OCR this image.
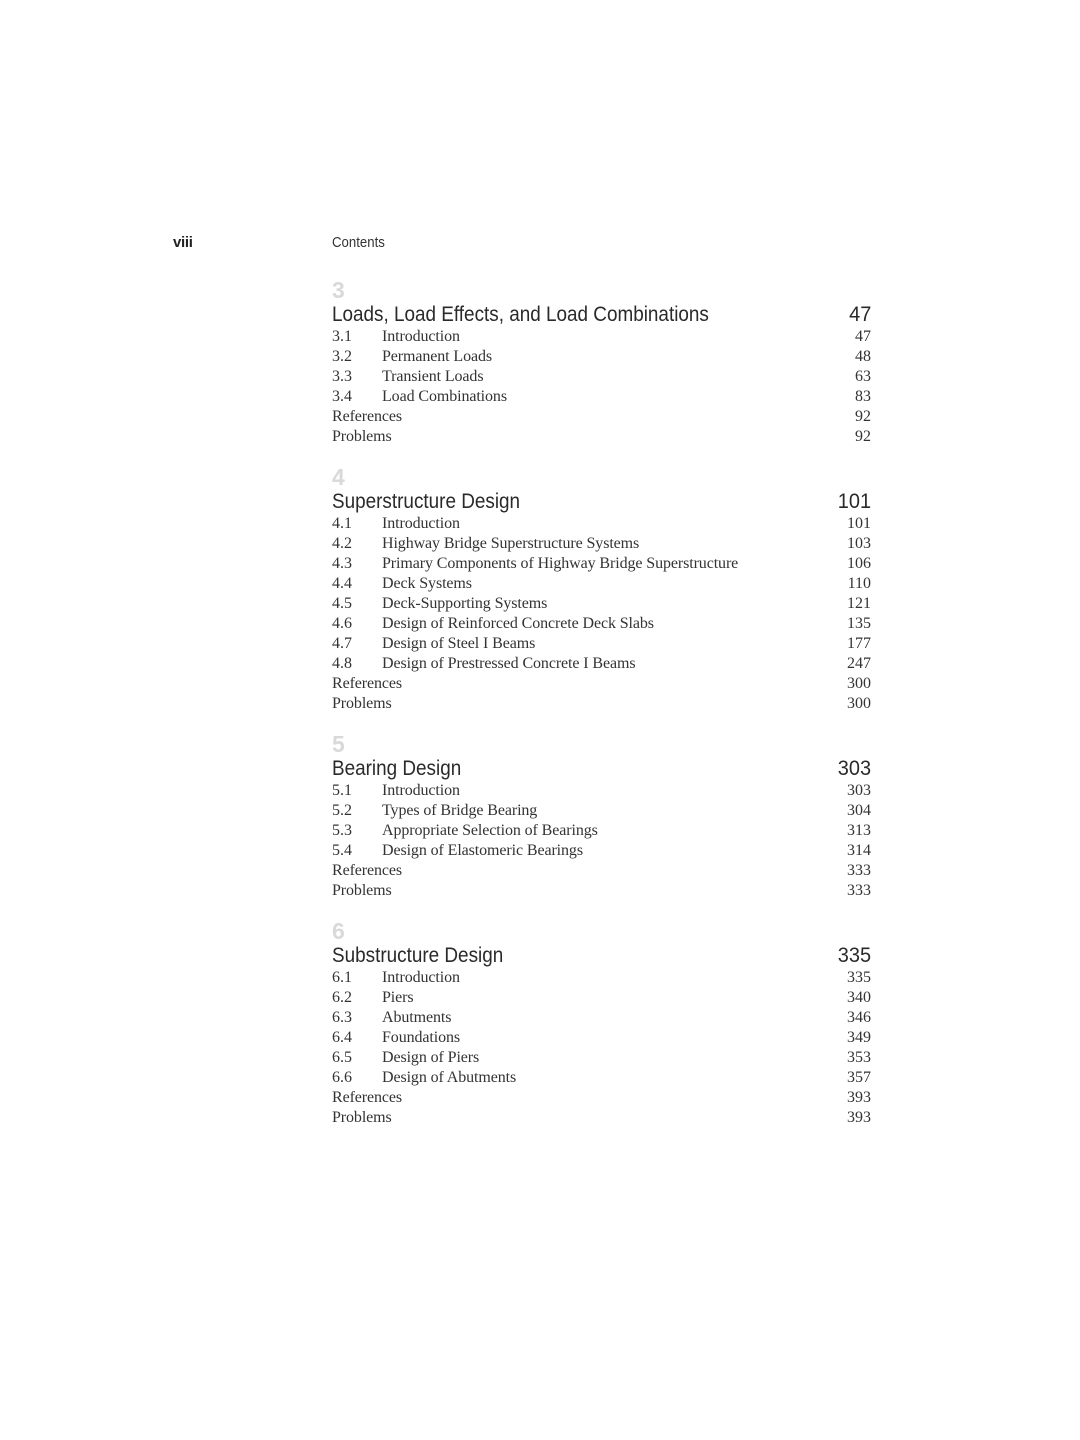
viii	Contents
3
Loads, Load Effects, and Load Combinations	47
3.1	Introduction	47
3.2	Permanent Loads	48
3.3	Transient Loads	63
3.4	Load Combinations	83
References	92
Problems	92
4
Superstructure Design	101
4.1	Introduction	101
4.2	Highway Bridge Superstructure Systems	103
4.3	Primary Components of Highway Bridge Superstructure	106
4.4	Deck Systems	110
4.5	Deck-Supporting Systems	121
4.6	Design of Reinforced Concrete Deck Slabs	135
4.7	Design of Steel I Beams	177
4.8	Design of Prestressed Concrete I Beams	247
References	300
Problems	300
5
Bearing Design	303
5.1	Introduction	303
5.2	Types of Bridge Bearing	304
5.3	Appropriate Selection of Bearings	313
5.4	Design of Elastomeric Bearings	314
References	333
Problems	333
6
Substructure Design	335
6.1	Introduction	335
6.2	Piers	340
6.3	Abutments	346
6.4	Foundations	349
6.5	Design of Piers	353
6.6	Design of Abutments	357
References	393
Problems	393
